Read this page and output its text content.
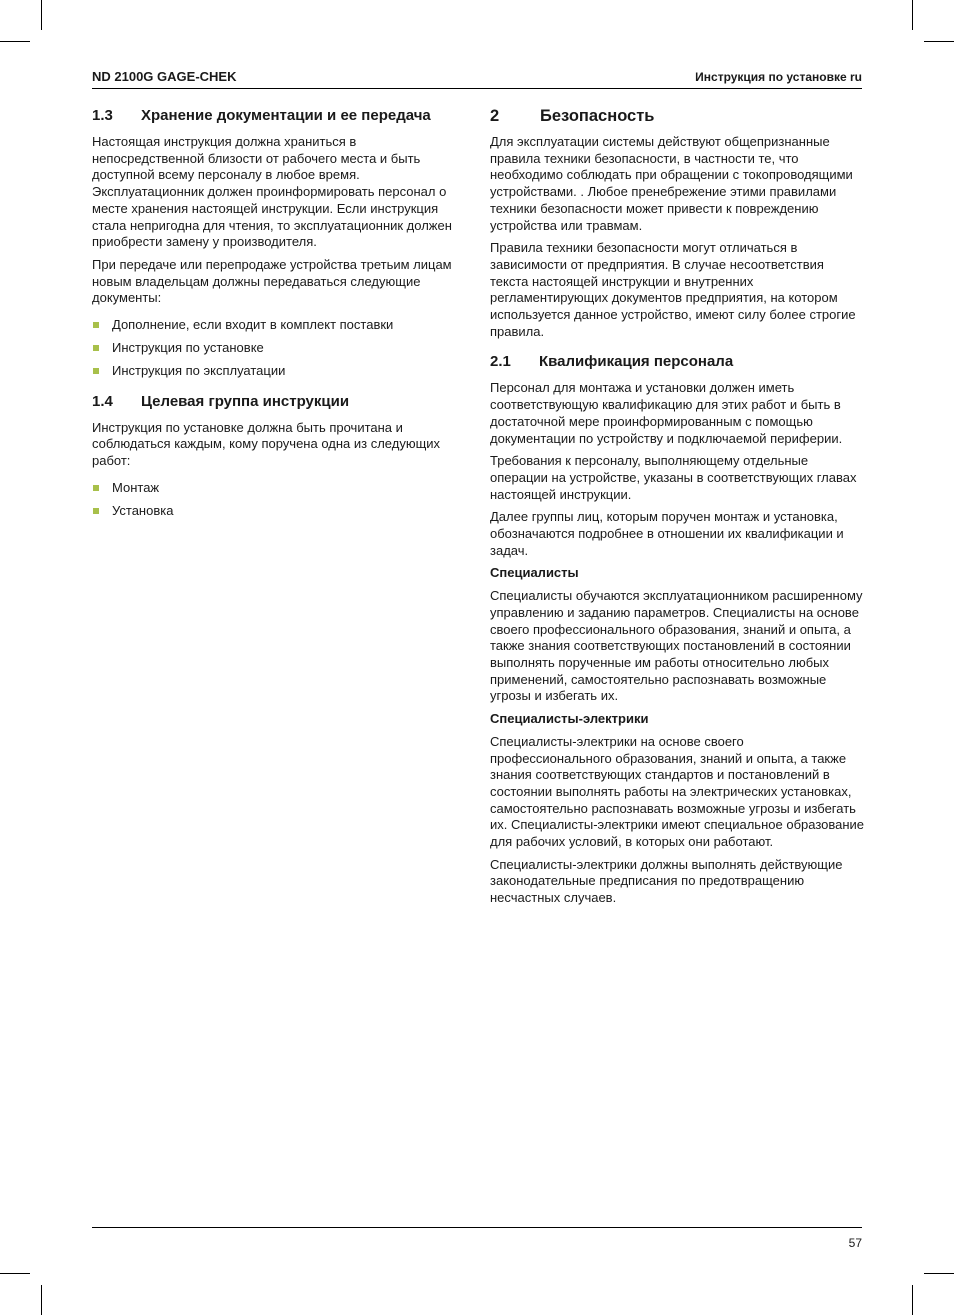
ND 2100G GAGE-CHEK	Инструкция по установке ru
1.3	Хранение документации и ее передача

Настоящая инструкция должна храниться в непосредственной близости от рабочего места и быть доступной всему персоналу в любое время. Эксплуатационник должен проинформировать персонал о месте хранения настоящей инструкции. Если инструкция стала непригодна для чтения, то эксплуатационник должен приобрести замену у производителя.

При передаче или перепродаже устройства третьим лицам новым владельцам должны передаваться следующие документы:

Дополнение, если входит в комплект поставки
Инструкция по установке
Инструкция по эксплуатации
1.4	Целевая группа инструкции

Инструкция по установке должна быть прочитана и соблюдаться каждым, кому поручена одна из следующих работ:

Монтаж
Установка
2	Безопасность

Для эксплуатации системы действуют общепризнанные правила техники безопасности, в частности те, что необходимо соблюдать при обращении с токопроводящими устройствами. . Любое пренебрежение этими правилами техники безопасности может привести к повреждению устройства или травмам.

Правила техники безопасности могут отличаться в зависимости от предприятия. В случае несоответствия текста настоящей инструкции и внутренних регламентирующих документов предприятия, на котором используется данное устройство, имеют силу более строгие правила.

2.1	Квалификация персонала

Персонал для монтажа и установки должен иметь соответствующую квалификацию для этих работ и быть в достаточной мере проинформированным с помощью документации по устройству и подключаемой периферии.

Требования к персоналу, выполняющему отдельные операции на устройстве, указаны в соответствующих главах настоящей инструкции.

Далее группы лиц, которым поручен монтаж и установка, обозначаются подробнее в отношении их квалификации и задач.

Специалисты

Специалисты обучаются эксплуатационником расширенному управлению и заданию параметров. Специалисты на основе своего профессионального образования, знаний и опыта, а также знания соответствующих постановлений в состоянии выполнять порученные им работы относительно любых применений, самостоятельно распознавать возможные угрозы и избегать их.

Специалисты-электрики

Специалисты-электрики на основе своего профессионального образования, знаний и опыта, а также знания соответствующих стандартов и постановлений в состоянии выполнять работы на электрических установках, самостоятельно распознавать возможные угрозы и избегать их. Специалисты-электрики имеют специальное образование для рабочих условий, в которых они работают.

Специалисты-электрики должны выполнять действующие законодательные предписания по предотвращению несчастных случаев.

57
